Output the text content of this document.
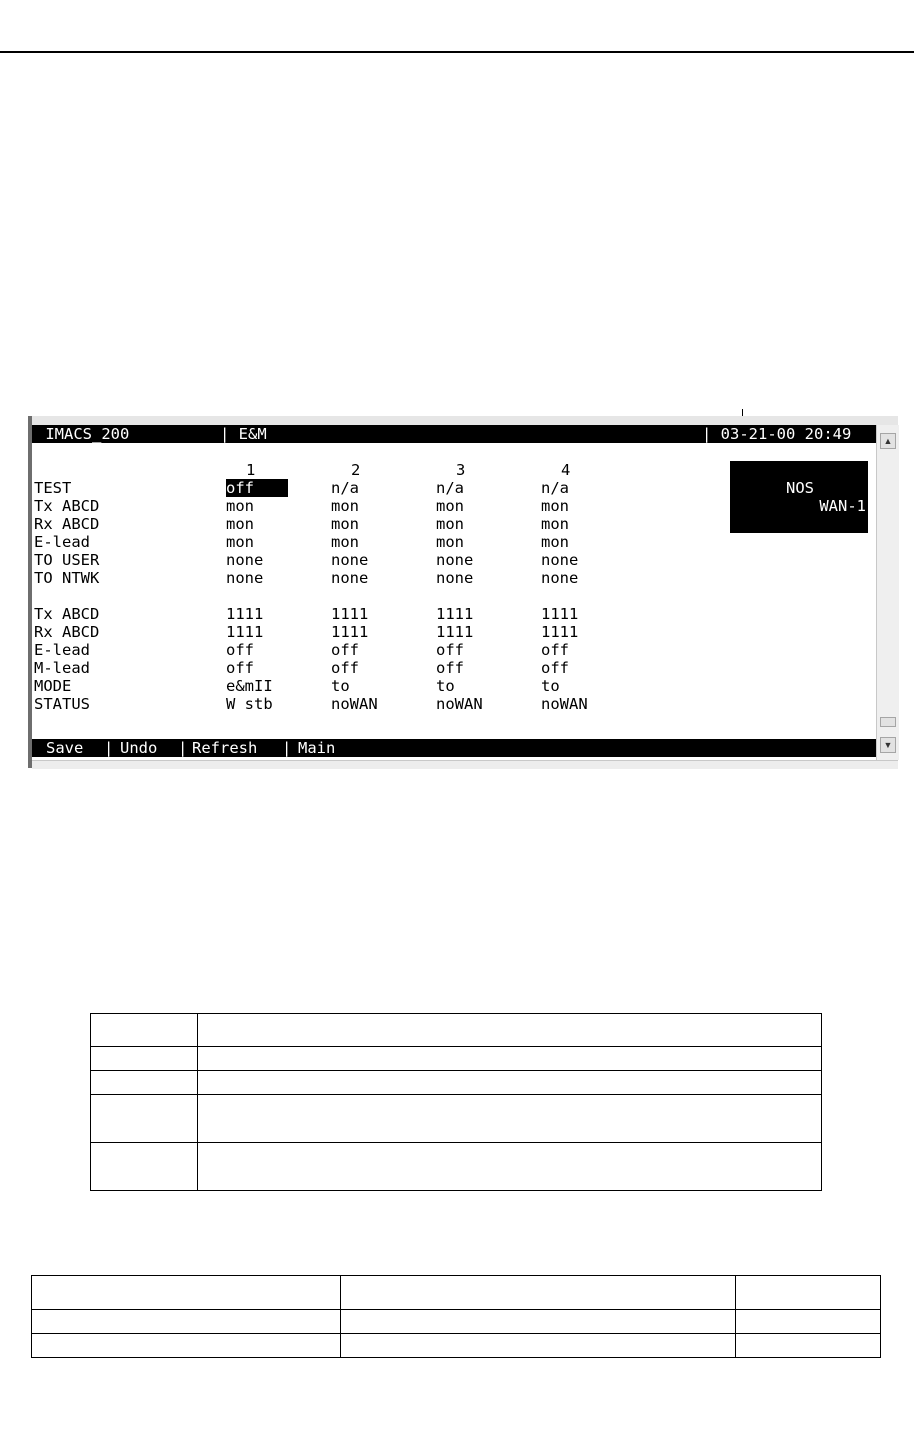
IMACS_200	| E&M	| 03-21-00 20:49
1	2	3	4

NOS

WAN-1

TEST	off	n/a	n/a	n/a
Tx ABCD	mon	mon	mon	mon
Rx ABCD	mon	mon	mon	mon
E-lead	mon	mon	mon	mon
TO USER	none	none	none	none
TO NTWK	none	none	none	none
Tx ABCD	1111	1111	1111	1111
Rx ABCD	1111	1111	1111	1111
E-lead	off	off	off	off
M-lead	off	off	off	off
MODE	e&mII	to	to	to
STATUS	W stb	noWAN	noWAN	noWAN
Save | Undo | Refresh | Main
▲
▼
